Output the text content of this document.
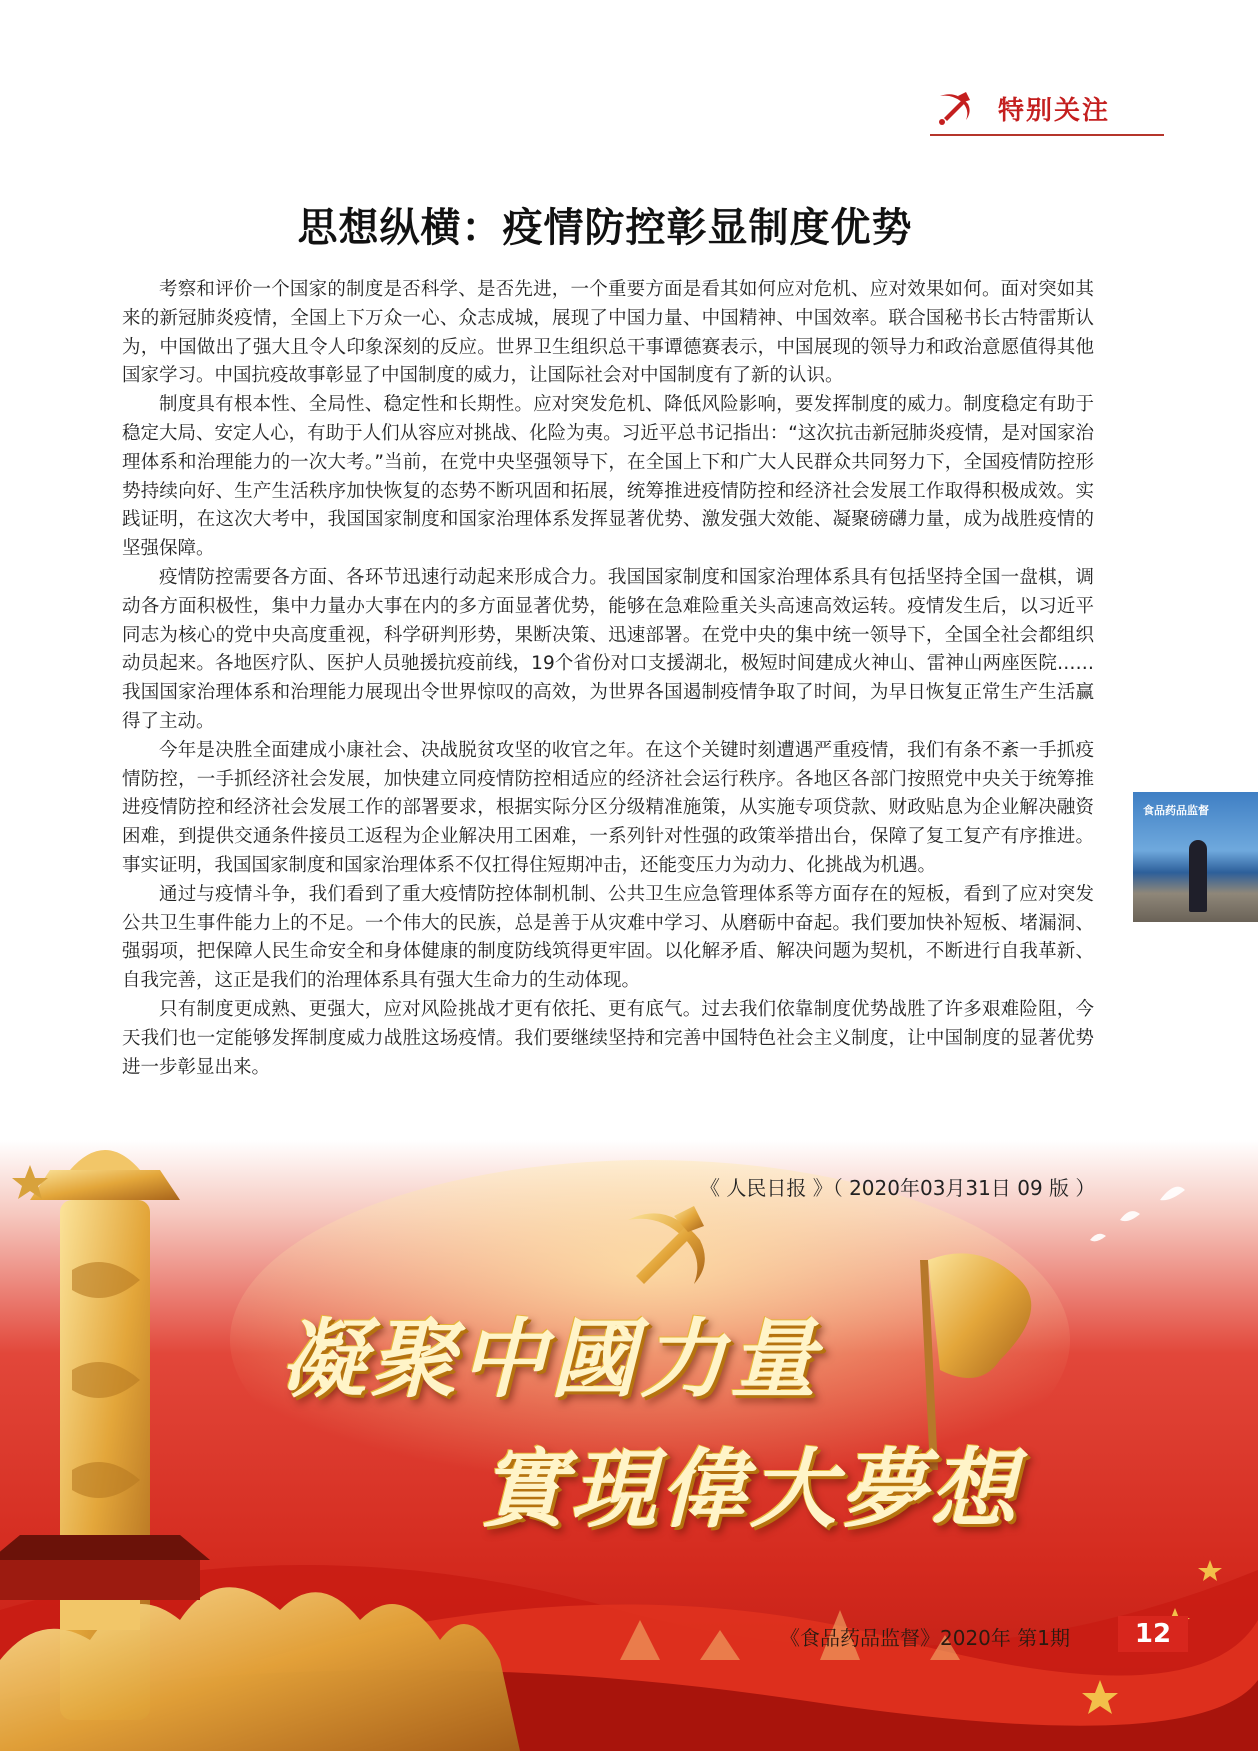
特别关注
思想纵横：疫情防控彰显制度优势

考察和评价一个国家的制度是否科学、是否先进，一个重要方面是看其如何应对危机、应对效果如何。面对突如其来的新冠肺炎疫情，全国上下万众一心、众志成城，展现了中国力量、中国精神、中国效率。联合国秘书长古特雷斯认为，中国做出了强大且令人印象深刻的反应。世界卫生组织总干事谭德赛表示，中国展现的领导力和政治意愿值得其他国家学习。中国抗疫故事彰显了中国制度的威力，让国际社会对中国制度有了新的认识。

制度具有根本性、全局性、稳定性和长期性。应对突发危机、降低风险影响，要发挥制度的威力。制度稳定有助于稳定大局、安定人心，有助于人们从容应对挑战、化险为夷。习近平总书记指出：“这次抗击新冠肺炎疫情，是对国家治理体系和治理能力的一次大考。”当前，在党中央坚强领导下，在全国上下和广大人民群众共同努力下，全国疫情防控形势持续向好、生产生活秩序加快恢复的态势不断巩固和拓展，统筹推进疫情防控和经济社会发展工作取得积极成效。实践证明，在这次大考中，我国国家制度和国家治理体系发挥显著优势、激发强大效能、凝聚磅礴力量，成为战胜疫情的坚强保障。

疫情防控需要各方面、各环节迅速行动起来形成合力。我国国家制度和国家治理体系具有包括坚持全国一盘棋，调动各方面积极性，集中力量办大事在内的多方面显著优势，能够在急难险重关头高速高效运转。疫情发生后，以习近平同志为核心的党中央高度重视，科学研判形势，果断决策、迅速部署。在党中央的集中统一领导下，全国全社会都组织动员起来。各地医疗队、医护人员驰援抗疫前线，19个省份对口支援湖北，极短时间建成火神山、雷神山两座医院……我国国家治理体系和治理能力展现出令世界惊叹的高效，为世界各国遏制疫情争取了时间，为早日恢复正常生产生活赢得了主动。

今年是决胜全面建成小康社会、决战脱贫攻坚的收官之年。在这个关键时刻遭遇严重疫情，我们有条不紊一手抓疫情防控，一手抓经济社会发展，加快建立同疫情防控相适应的经济社会运行秩序。各地区各部门按照党中央关于统筹推进疫情防控和经济社会发展工作的部署要求，根据实际分区分级精准施策，从实施专项贷款、财政贴息为企业解决融资困难，到提供交通条件接员工返程为企业解决用工困难，一系列针对性强的政策举措出台，保障了复工复产有序推进。事实证明，我国国家制度和国家治理体系不仅扛得住短期冲击，还能变压力为动力、化挑战为机遇。

通过与疫情斗争，我们看到了重大疫情防控体制机制、公共卫生应急管理体系等方面存在的短板，看到了应对突发公共卫生事件能力上的不足。一个伟大的民族，总是善于从灾难中学习、从磨砺中奋起。我们要加快补短板、堵漏洞、强弱项，把保障人民生命安全和身体健康的制度防线筑得更牢固。以化解矛盾、解决问题为契机，不断进行自我革新、自我完善，这正是我们的治理体系具有强大生命力的生动体现。

只有制度更成熟、更强大，应对风险挑战才更有依托、更有底气。过去我们依靠制度优势战胜了许多艰难险阻，今天我们也一定能够发挥制度威力战胜这场疫情。我们要继续坚持和完善中国特色社会主义制度，让中国制度的显著优势进一步彰显出来。

食品药品监督
《 人民日报 》（ 2020年03月31日 09 版 ）
凝聚中國力量
實現偉大夢想
《食品药品监督》2020年 第1期	12
